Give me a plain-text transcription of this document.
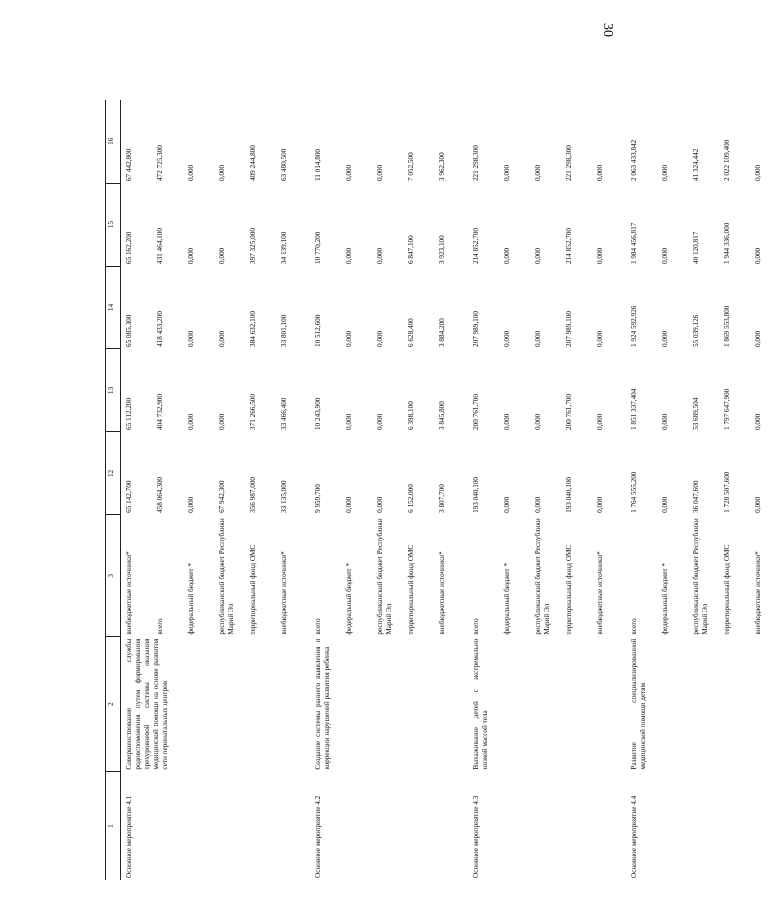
30
1	2	3	12	13	14	15	16
Основное мероприятие 4.1	Совершенствование службы родовспоможения путем формирования трехуровневой системы оказания медицинской помощи на основе развития сети перинатальных центров	внебюджетные источники*	65 142,700	65 112,200	65 085,300	65 162,200	67 442,800
		всего	458 064,300	404 732,900	418 433,200	431 464,100	472 725,300
		федеральный бюджет *	0,000	0,000	0,000	0,000	0,000
		республиканский бюджет Республики Марий Эл	67 942,300	0,000	0,000	0,000	0,000
		территориальный фонд ОМС	356 987,000	371 266,500	384 632,100	397 325,000	409 244,800
		внебюджетные источники*	33 135,000	33 466,400	33 801,100	34 139,100	63 480,500
Основное мероприятие 4.2	Создание системы раннего выявления и коррекции нарушений развития ребенка	всего	9 959,700	10 243,900	10 512,600	10 770,200	11 014,800
		федеральный бюджет *	0,000	0,000	0,000	0,000	0,000
		республиканский бюджет Республики Марий Эл	0,000	0,000	0,000	0,000	0,000
		территориальный фонд ОМС	6 152,000	6 398,100	6 628,400	6 847,100	7 052,500
		внебюджетные источники*	3 807,700	3 845,800	3 884,200	3 923,100	3 962,300
Основное мероприятие 4.3	Выхаживание детей с экстремально низкой массой тела	всего	193 040,100	200 761,700	207 989,100	214 852,700	221 298,300
		федеральный бюджет *	0,000	0,000	0,000	0,000	0,000
		республиканский бюджет Республики Марий Эл	0,000	0,000	0,000	0,000	0,000
		территориальный фонд ОМС	193 040,100	200 761,700	207 989,100	214 852,700	221 298,300
		внебюджетные источники*	0,000	0,000	0,000	0,000	0,000
Основное мероприятие 4.4	Развитие специализированной медицинской помощи детям	всего	1 764 555,200	1 851 337,404	1 924 592,926	1 984 456,817	2 063 433,842
		федеральный бюджет *	0,000	0,000	0,000	0,000	0,000
		республиканский бюджет Республики Марий Эл	36 047,600	53 689,504	55 039,126	40 120,817	41 324,442
		территориальный фонд ОМС	1 728 507,600	1 797 647,900	1 869 553,800	1 944 336,000	2 022 109,400
		внебюджетные источники*	0,000	0,000	0,000	0,000	0,000
